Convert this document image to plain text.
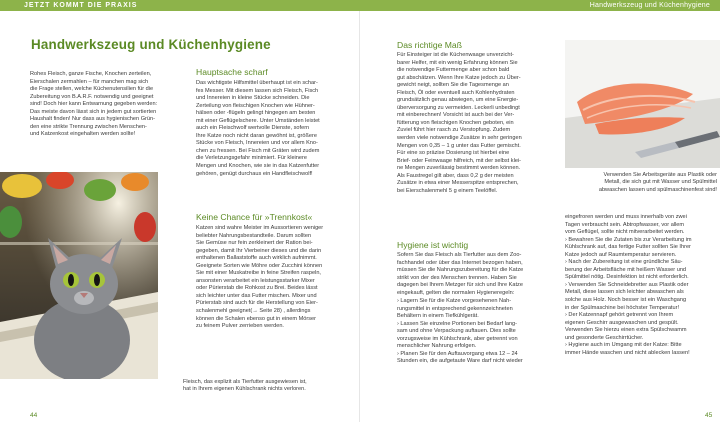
JETZT KOMMT DIE PRAXIS	Handwerkszeug und Küchenhygiene
Handwerkszeug und Küchenhygiene
Rohes Fleisch, ganze Fische, Knochen zerteilen,
Eierschalen zermahlen – für manchen mag sich
die Frage stellen, welche Küchenutensilien für die
Zubereitung von B.A.R.F. notwendig und geeignet
sind! Doch hier kann Entwarnung gegeben werden:
Das meiste davon lässt sich in jedem gut sortierten
Haushalt finden! Nur dass aus hygienischen Grün-
den eine strikte Trennung zwischen Menschen-
und Katzenkost eingehalten werden sollte!
Fleisch, das explizit als Tierfutter ausgewiesen ist,
hat in Ihrem eigenen Kühlschrank nichts verloren.
Hauptsache scharf
Das wichtigste Hilfsmittel überhaupt ist ein schar-
fes Messer. Mit diesem lassen sich Fleisch, Fisch
und Innereien in kleine Stücke schneiden. Die
Zerteilung von fleischigen Knochen wie Hühner-
hälsen oder -flügeln gelingt hingegen am besten
mit einer Geflügelschere. Unter Umständen leistet
auch ein Fleischwolf wertvolle Dienste, sofern
Ihre Katze noch nicht daran gewöhnt ist, größere
Stücke von Fleisch, Innereien und vor allem Kno-
chen zu fressen. Bei Fisch mit Gräten wird zudem
die Verletzungsgefahr minimiert. Für kleinere
Mengen und Knochen, wie sie in das Katzenfutter
gehören, genügt durchaus ein Handfleischwolf!
Keine Chance für »Trennkost«
Katzen sind wahre Meister im Aussortieren weniger
beliebter Nahrungsbestandteile. Darum sollten
Sie Gemüse nur fein zerkleinert der Ration bei-
gegeben, damit Ihr Vierbeiner dieses und die darin
enthaltenen Ballaststoffe auch wirklich aufnimmt.
Geeignete Sorten wie Möhre oder Zucchini können
Sie mit einer Muskatreibe in feine Streifen raspeln,
ansonsten verarbeitet ein leistungsstarker Mixer
oder Pürierstab die Rohkost zu Brei. Beides lässt
sich leichter unter das Futter mischen. Mixer und
Pürierstab sind auch für die Herstellung von Eier-
schalenmehl geeignet(→ Seite 28) , allerdings
können die Schalen ebenso gut in einem Mörser
zu feinem Pulver zerrieben werden.
44
Das richtige Maß
Für Einsteiger ist die Küchenwaage unverzicht-
barer Helfer, mit ein wenig Erfahrung können Sie
die notwendige Futtermenge aber schon bald
gut abschätzen. Wenn Ihre Katze jedoch zu Über-
gewicht neigt, sollten Sie die Tagesmenge an
Fleisch, Öl oder eventuell auch Kohlenhydraten
grundsätzlich genau abwiegen, um eine Energie-
überversorgung zu vermeiden. Leckerli unbedingt
mit einberechnen! Vorsicht ist auch bei der Ver-
fütterung von fleischigen Knochen geboten, ein
Zuviel führt hier rasch zu Verstopfung. Zudem
werden viele notwendige Zusätze in sehr geringen
Mengen von 0,35 – 1 g unter das Futter gemischt.
Für eine so präzise Dosierung ist hierbei eine
Brief- oder Feinwaage hilfreich, mit der selbst klei-
ne Mengen zuverlässig bestimmt werden können.
Als Faustregel gilt aber, dass 0,2 g der meisten
Zusätze in etwa einer Messerspitze entsprechen,
bei Eierschalenmehl 5 g einem Teelöffel.
Hygiene ist wichtig
Sofern Sie das Fleisch als Tierfutter aus dem Zoo-
fachhandel oder über das Internet bezogen haben,
müssen Sie die Nahrungszubereitung für die Katze
strikt von der des Menschen trennen. Haben Sie
dagegen bei Ihrem Metzger für sich und Ihre Katze
eingekauft, gelten die normalen Hygieneregeln:
› Lagern Sie für die Katze vorgesehenen Nah-
rungsmittel in entsprechend gekennzeichneten
Behältern in einem Tiefkühlgerät.
› Lassen Sie einzelne Portionen bei Bedarf lang-
sam und ohne Verpackung auftauen. Dies sollte
vorzugsweise im Kühlschrank, aber getrennt von
menschlicher Nahrung erfolgen.
› Planen Sie für den Auftauvorgang etwa 12 – 24
Stunden ein, die aufgetaute Ware darf nicht wieder
Verwenden Sie Arbeitsgeräte aus Plastik oder
Metall, die sich gut mit Wasser und Spülmittel
abwaschen lassen und spülmaschinenfest sind!
eingefroren werden und muss innerhalb von zwei
Tagen verbraucht sein. Abtropfwasser, vor allem
vom Geflügel, sollte nicht mitverarbeitet werden.
› Bewahren Sie die Zutaten bis zur Verarbeitung im
Kühlschrank auf, das fertige Futter sollten Sie Ihrer
Katze jedoch auf Raumtemperatur servieren.
› Nach der Zubereitung ist eine gründliche Säu-
berung der Arbeitsfläche mit heißem Wasser und
Spülmittel nötig. Desinfektion ist nicht erforderlich.
› Verwenden Sie Schneidebretter aus Plastik oder
Metall, diese lassen sich leichter abwaschen als
solche aus Holz. Noch besser ist ein Waschgang
in der Spülmaschine bei höchster Temperatur!
› Der Katzennapf gehört getrennt von Ihrem
eigenen Geschirr ausgewaschen und gespült.
Verwenden Sie hierzu einen extra Spülschwamm
und gesonderte Geschirrtücher.
› Hygiene auch im Umgang mit der Katze: Bitte
immer Hände waschen und nicht ablecken lassen!
45
